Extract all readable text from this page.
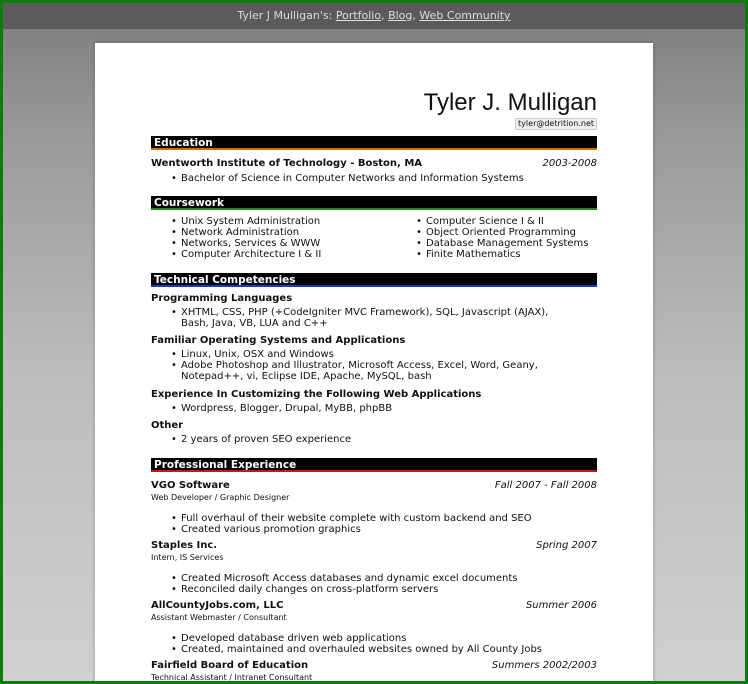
Tyler J Mulligan's: Portfolio, Blog, Web Community
Tyler J. Mulligan
tyler@detrition.net
Education
Wentworth Institute of Technology - Boston, MA	2003-2008
• Bachelor of Science in Computer Networks and Information Systems
Coursework
• Unix System Administration
• Network Administration
• Networks, Services & WWW
• Computer Architecture I & II
• Computer Science I & II
• Object Oriented Programming
• Database Management Systems
• Finite Mathematics
Technical Competencies
Programming Languages
• XHTML, CSS, PHP (+CodeIgniter MVC Framework), SQL, Javascript (AJAX), Bash, Java, VB, LUA and C++
Familiar Operating Systems and Applications
• Linux, Unix, OSX and Windows
• Adobe Photoshop and Illustrator, Microsoft Access, Excel, Word, Geany, Notepad++, vi, Eclipse IDE, Apache, MySQL, bash
Experience In Customizing the Following Web Applications
• Wordpress, Blogger, Drupal, MyBB, phpBB
Other
• 2 years of proven SEO experience
Professional Experience
VGO Software	Fall 2007 - Fall 2008
Web Developer / Graphic Designer
• Full overhaul of their website complete with custom backend and SEO
• Created various promotion graphics
Staples Inc.	Spring 2007
Intern, IS Services
• Created Microsoft Access databases and dynamic excel documents
• Reconciled daily changes on cross-platform servers
AllCountyJobs.com, LLC	Summer 2006
Assistant Webmaster / Consultant
• Developed database driven web applications
• Created, maintained and overhauled websites owned by All County Jobs
Fairfield Board of Education	Summers 2002/2003
Technical Assistant / Intranet Consultant
